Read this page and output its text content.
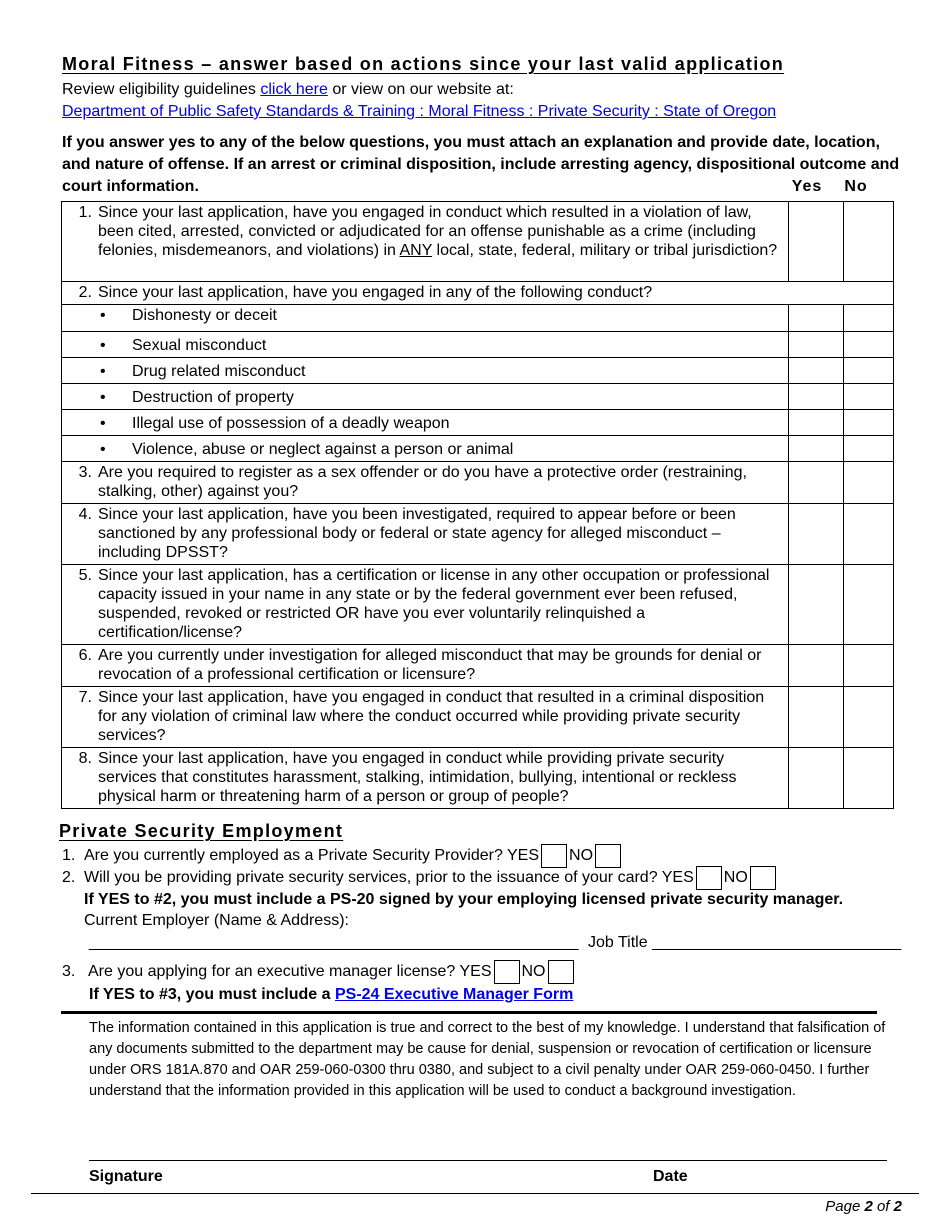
Moral Fitness – answer based on actions since your last valid application
Review eligibility guidelines click here or view on our website at:
Department of Public Safety Standards & Training : Moral Fitness : Private Security : State of Oregon
If you answer yes to any of the below questions, you must attach an explanation and provide date, location, and nature of offense. If an arrest or criminal disposition, include arresting agency, dispositional outcome and court information.	Yes No
1. Since your last application, have you engaged in conduct which resulted in a violation of law, been cited, arrested, convicted or adjudicated for an offense punishable as a crime (including felonies, misdemeanors, and violations) in ANY local, state, federal, military or tribal jurisdiction?		

2. Since your last application, have you engaged in any of the following conduct?		

• Dishonesty or deceit		

• Sexual misconduct		

• Drug related misconduct		

• Destruction of property		

• Illegal use of possession of a deadly weapon		

• Violence, abuse or neglect against a person or animal		

3. Are you required to register as a sex offender or do you have a protective order (restraining, stalking, other) against you?		

4. Since your last application, have you been investigated, required to appear before or been sanctioned by any professional body or federal or state agency for alleged misconduct – including DPSST?		

5. Since your last application, has a certification or license in any other occupation or professional capacity issued in your name in any state or by the federal government ever been refused, suspended, revoked or restricted OR have you ever voluntarily relinquished a certification/license?		

6. Are you currently under investigation for alleged misconduct that may be grounds for denial or revocation of a professional certification or licensure?		

7. Since your last application, have you engaged in conduct that resulted in a criminal disposition for any violation of criminal law where the conduct occurred while providing private security services?		

8. Since your last application, have you engaged in conduct while providing private security services that constitutes harassment, stalking, intimidation, bullying, intentional or reckless physical harm or threatening harm of a person or group of people?		

Private Security Employment
1. Are you currently employed as a Private Security Provider? YES NO
2. Will you be providing private security services, prior to the issuance of your card? YES NO
If YES to #2, you must include a PS-20 signed by your employing licensed private security manager.
Current Employer (Name & Address):
_______________________________________________________ Job Title ____________________________
3. Are you applying for an executive manager license? YES NO
If YES to #3, you must include a PS-24 Executive Manager Form
The information contained in this application is true and correct to the best of my knowledge. I understand that falsification of any documents submitted to the department may be cause for denial, suspension or revocation of certification or licensure under ORS 181A.870 and OAR 259-060-0300 thru 0380, and subject to a civil penalty under OAR 259-060-0450. I further understand that the information provided in this application will be used to conduct a background investigation.
Signature	Date
Page 2 of 2
